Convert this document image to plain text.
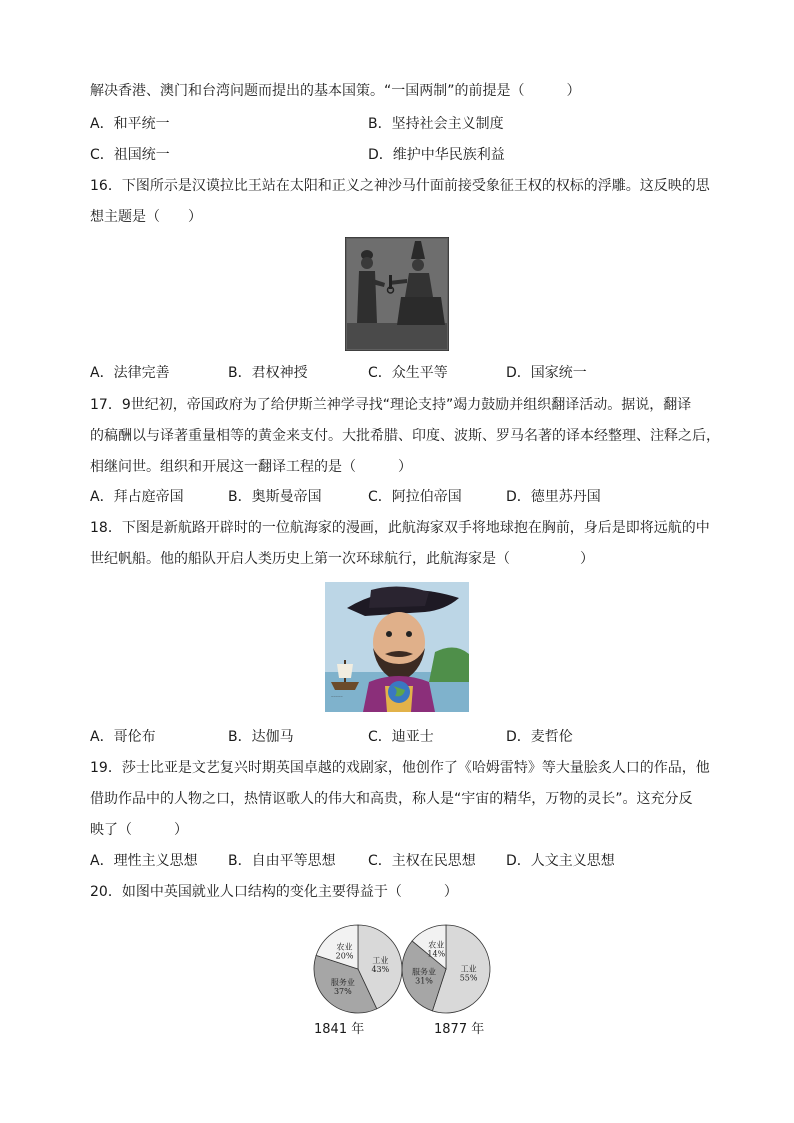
解决香港、澳门和台湾问题而提出的基本国策。“一国两制”的前提是（　　　）
A．和平统一	B．坚持社会主义制度
C．祖国统一	D．维护中华民族利益
16．下图所示是汉谟拉比王站在太阳和正义之神沙马什面前接受象征王权的权标的浮雕。这反映的思
想主题是（　　）
A．法律完善	B．君权神授	C．众生平等	D．国家统一
17．9世纪初，帝国政府为了给伊斯兰神学寻找“理论支持”竭力鼓励并组织翻译活动。据说，翻译
的稿酬以与译著重量相等的黄金来支付。大批希腊、印度、波斯、罗马名著的译本经整理、注释之后，
相继问世。组织和开展这一翻译工程的是（　　　）
A．拜占庭帝国	B．奥斯曼帝国	C．阿拉伯帝国	D．德里苏丹国
18．下图是新航路开辟时的一位航海家的漫画，此航海家双手将地球抱在胸前，身后是即将远航的中
世纪帆船。他的船队开启人类历史上第一次环球航行，此航海家是（　　　　　）
~~~~~
A．哥伦布	B．达伽马	C．迪亚士	D．麦哲伦
19．莎士比亚是文艺复兴时期英国卓越的戏剧家，他创作了《哈姆雷特》等大量脍炙人口的作品，他
借助作品中的人物之口，热情讴歌人的伟大和高贵，称人是“宇宙的精华，万物的灵长”。这充分反
映了（　　　）
A．理性主义思想 B．自由平等思想 C．主权在民思想 D．人文主义思想
20．如图中英国就业人口结构的变化主要得益于（　　　）
工业
43%
服务业
37%
农业
20%
工业
55%
服务业
31%
农业
14%
1841 年	1877 年
